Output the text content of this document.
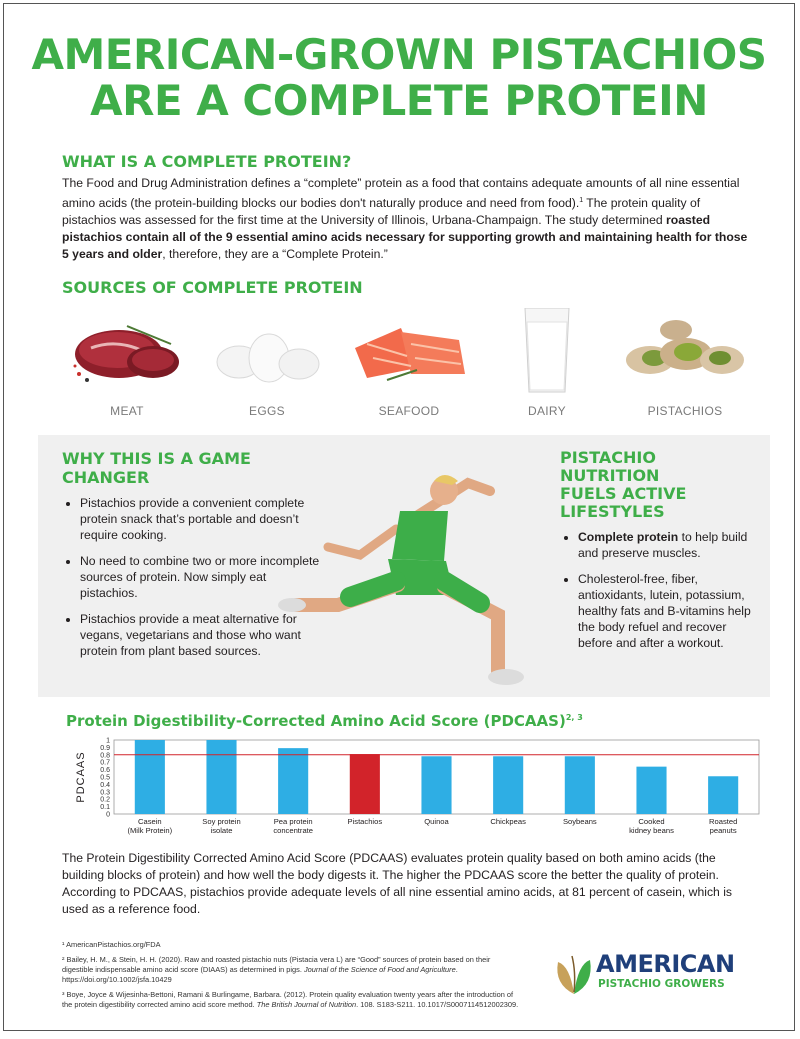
AMERICAN-GROWN PISTACHIOS
ARE A COMPLETE PROTEIN
WHAT IS A COMPLETE PROTEIN?

The Food and Drug Administration defines a “complete” protein as a food that contains adequate amounts of all nine essential amino acids (the protein-building blocks our bodies don't naturally produce and need from food).$^1$ The protein quality of pistachios was assessed for the first time at the University of Illinois, Urbana-Champaign. The study determined roasted pistachios contain all of the 9 essential amino acids necessary for supporting growth and maintaining health for those 5 years and older, therefore, they are a “Complete Protein.”

SOURCES OF COMPLETE PROTEIN
MEAT	EGGS	SEAFOOD	DAIRY	PISTACHIOS
WHY THIS IS A GAME CHANGER
• Pistachios provide a convenient complete protein snack that’s portable and doesn’t require cooking.
• No need to combine two or more incomplete sources of protein. Now simply eat pistachios.
• Pistachios provide a meat alternative for vegans, vegetarians and those who want protein from plant based sources.
PISTACHIO NUTRITION
FUELS ACTIVE
LIFESTYLES
• Complete protein to help build and preserve muscles.
• Cholesterol-free, fiber, antioxidants, lutein, potassium, healthy fats and B-vitamins help the body refuel and recover before and after a workout.
Protein Digestibility-Corrected Amino Acid Score (PDCAAS)$^{2, 3}$
PDCAAS
0
0.1
0.2
0.3
0.4
0.5
0.6
0.7
0.8
0.9
1
Casein
(Milk Protein)
Soy protein
isolate
Pea protein
concentrate
Pistachios	Quinoa	Chickpeas	Soybeans	Cooked
kidney beans
Roasted
peanuts

The Protein Digestibility Corrected Amino Acid Score (PDCAAS) evaluates protein quality based on both amino acids (the building blocks of protein) and how well the body digests it. The higher the PDCAAS score the better the quality of protein. According to PDCAAS, pistachios provide adequate levels of all nine essential amino acids, at 81 percent of casein, which is used as a reference food.

¹ AmericanPistachios.org/FDA
² Bailey, H. M., & Stein, H. H. (2020). Raw and roasted pistachio nuts (Pistacia vera L) are “Good” sources of protein based on their digestible indispensable amino acid score (DIAAS) as determined in pigs. Journal of the Science of Food and Agriculture. https://doi.org/10.1002/jsfa.10429
³ Boye, Joyce & Wijesinha-Bettoni, Ramani & Burlingame, Barbara. (2012). Protein quality evaluation twenty years after the introduction of the protein digestibility corrected amino acid score method. The British Journal of Nutrition. 108. S183-S211. 10.1017/S0007114512002309.
AMERICAN
PISTACHIO GROWERS
